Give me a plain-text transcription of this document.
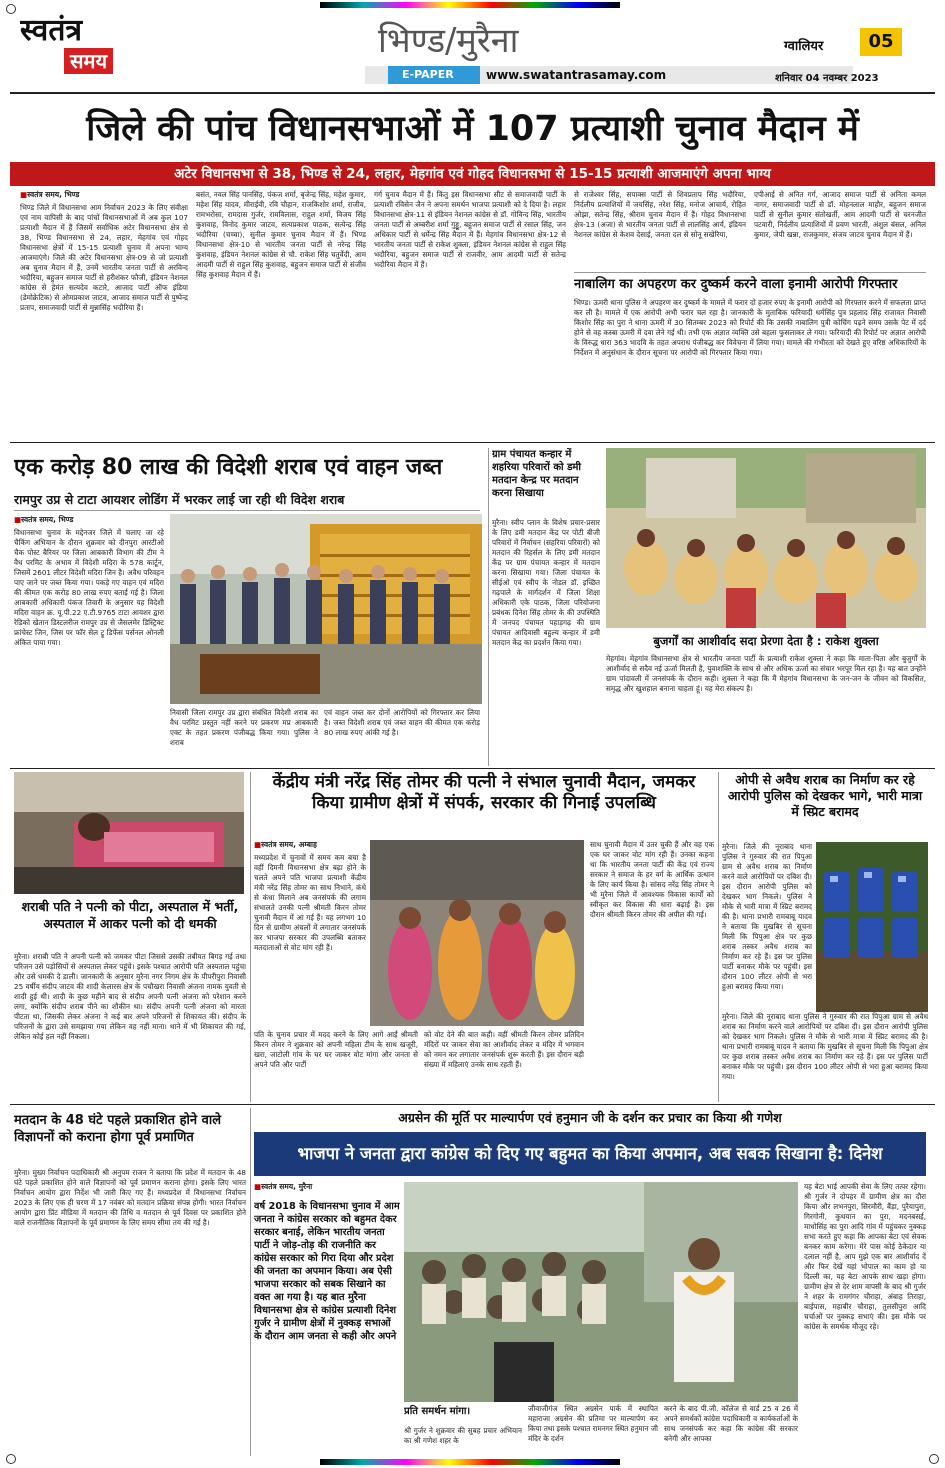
स्वतंत्र
समय	भिण्ड/मुरैना
E-PAPER	www.swatantrasamay.com
ग्वालियर	05
शनिवार 04 नवम्बर 2023
जिले की पांच विधानसभाओं में 107 प्रत्याशी चुनाव मैदान में
अटेर विधानसभा से 38, भिण्ड से 24, लहार, मेहगांव एवं गोहद विधानसभा से 15-15 प्रत्याशी आजमाएंगे अपना भाग्य
■ स्वतंत्र समय, भिण्ड

भिण्ड जिले में विधानसभा आम निर्वाचन 2023 के लिए संवीक्षा एवं नाम वापिसी के बाद पांचों विधानसभाओं में अब कुल 107 प्रत्याशी मैदान में हैं जिसमें सर्वाधिक अटेर विधानसभा क्षेत्र से 38, भिण्ड विधानसभा से 24, लहार, मेहगांव एवं गोहद विधानसभा क्षेत्रों में 15-15 प्रत्याशी चुनाव में अपना भाग्य आजमाएंगे। जिले की अटेर विधानसभा क्षेत्र-09 से जो प्रत्याशी अब चुनाव मैदान में हैं, उनमें भारतीय जनता पार्टी से अरविन्द भदौरिया, बहुजन समाज पार्टी से हरीशंकर फौजी, इंडियन नेशनल कांग्रेस से हेमंत सत्यदेव कटारे, आजाद पार्टी ऑफ इंडिया (डेमोक्रेटिक) से ओमप्रकाश जाटव, आजाद समाज पार्टी से पुष्पेन्द्र प्रताप, समाजवादी पार्टी से मुन्नासिंह भदौरिया हैं।

बसंत, नवल सिंह पानसिंह, पंकज शर्मा, बृजेन्द्र सिंह, महेश कुमार, महेश सिंह यादव, मीराईवी, रवि चौहान, राजकिशोर शर्मा, राजीव, रामभरोसा, रामदास गुर्जर, रामविलास, राहुल शर्मा, विजय सिंह कुशवाह, विनोद कुमार जाटव, सत्यप्रकाश पाठक, सत्येन्द्र सिंह भदौरिया (चच्चा), सुनील कुमार चुनाव मैदान में हैं। भिण्ड विधानसभा क्षेत्र-10 से भारतीय जनता पार्टी से नरेन्द्र सिंह कुशवाह, इंडियन नेशनल कांग्रेस से चौ. राकेश सिंह चतुर्वेदी, आम आदमी पार्टी से राहुल सिंह कुशवाह, बहुजन समाज पार्टी से संजीव सिंह कुशवाह मैदान में हैं।

गर्ग चुनाव मैदान में हैं। किंतु इस विधानसभा सीट से समाजवादी पार्टी के प्रत्याशी रविसेन जैन ने अपना समर्थन भाजपा प्रत्याशी को दे दिया है। लहार विधानसभा क्षेत्र-11 से इंडियन नेशनल कांग्रेस से डॉ. गोविन्द सिंह, भारतीय जनता पार्टी से अम्बरीश शर्मा गुड्डू, बहुजन समाज पार्टी से रसाल सिंह, जन अधिकार पार्टी से धर्मेन्द्र सिंह मैदान में हैं। मेहगांव विधानसभा क्षेत्र-12 से भारतीय जनता पार्टी से राकेश शुक्ला, इंडियन नेशनल कांग्रेस से राहुल सिंह भदौरिया, बहुजन समाज पार्टी से राजवीर, आम आदमी पार्टी से सतेन्द्र भदौरिया मैदान में हैं।

से राजेश्वर सिंह, सपाक्स पार्टी से शिवप्रताप सिंह भदौरिया, निर्दलीय प्रत्याशियों में जयसिंह, नरेश सिंह, मनोज आचार्य, रोहित ओझा, सतेन्द्र सिंह, श्रीराम चुनाव मैदान में हैं। गोहद विधानसभा क्षेत्र-13 (अजा) से भारतीय जनता पार्टी से लालसिंह आर्य, इंडियन नेशनल कांग्रेस से केशव देसाई, जनता दल से सोनू सखेरिया,

एपीआई से अनित गर्ग, आजाद समाज पार्टी से अनिता कमल नागर, समाजवादी पार्टी से डॉ. मोहनलाल माहौर, बहुजन समाज पार्टी से सुनील कुमार संतोखर्ती, आम आदमी पार्टी से चरनजीत पटवारी, निर्दलीय प्रत्याशियों में प्रवण भारती, अंशुल बंसल, अनिल कुमार, जेपी खन्ना, राजकुमार, संजय जाटव चुनाव मैदान में हैं।

नाबालिग का अपहरण कर दुष्कर्म करने वाला इनामी आरोपी गिरफ्तार

भिण्ड। ऊमरी थाना पुलिस ने अपहरण कर दुष्कर्म के मामले में फरार दो हजार रुपए के इनामी आरोपी को गिरफ्तार करने में सफलता प्राप्त कर ली है। मामले में एक आरोपी अभी फरार चल रहा है। जानकारी के मुताबिक फरियादी धर्मसिंह पुत्र प्रहलाद सिंह राजावत निवासी किशोर सिंह का पुरा ने थाना ऊमरी में 30 सितम्बर 2023 को रिपोर्ट की कि उसकी नाबालिग पुत्री कोचिंग पढ़ने समय उसके पेट में दर्द होने से वह कस्बा ऊमरी में दवा लेने गई थी। तभी एक अज्ञात व्यक्ति उसे बहला फुसलाकर ले गया। फरियादी की रिपोर्ट पर अज्ञात आरोपी के विरुद्ध धारा 363 भादवि के तहत अपराध पंजीबद्ध कर विवेचना में लिया गया। मामले की गंभीरता को देखते हुए वरिष्ठ अधिकारियों के निर्देशन में अनुसंधान के दौरान सूचना पर आरोपी को गिरफ्तार किया गया।

एक करोड़ 80 लाख की विदेशी शराब एवं वाहन जब्त
रामपुर उप्र से टाटा आयशर लोडिंग में भरकर लाई जा रही थी विदेश शराब
■ स्वतंत्र समय, भिण्ड

विधानसभा चुनाव के मद्देनजर जिले में चलाए जा रहे चैकिंग अभियान के दौरान शुक्रवार को दीनपुरा आरटीओ चैक पोस्ट बैरियर पर जिला आबकारी विभाग की टीम ने वैध परमिट के अभाव में विदेशी मदिरा के 578 कार्टून, जिसमें 2601 लीटर विदेशी मदिरा जिन है। अवैध परिवहन पाए जाने पर जब्त किया गया। पकड़े गए वाहन एवं मदिरा की कीमत एक करोड़ 80 लाख रुपए बताई गई है। जिला आबकारी अधिकारी पंकज तिवारी के अनुसार यह विदेशी मदिरा वाहन क्र. यू.पी.22 ए.टी.9765 टाटा आयशर द्वारा रेडिको खेतान डिस्टलरीज रामपुर उप्र से जैसलमेर डिस्ट्रिक्ट फ्रांचेस्ट जिन, जिस पर फॉर सेल ट्रू डिफेंस पर्सनल ओनली अंकित पाया गया।

निवासी जिला रामपुर उप्र द्वारा संबंधित विदेशी शराब का वैध परमिट प्रस्तुत नहीं करने पर प्रकरण मप्र आबकारी एक्ट के तहत प्रकरण पंजीबद्ध किया गया। पुलिस ने शराब

एवं वाहन जब्त कर दोनों आरोपियों को गिरफ्तार कर लिया है। जब्त विदेशी शराब एवं जब्त वाहन की कीमत एक करोड़ 80 लाख रुपए आंकी गई है।

ग्राम पंचायत कन्हार में शहरिया परिवारों को डमी मतदान केन्द्र पर मतदान करना सिखाया

मुरैना। स्वीप प्लान के विशेष प्रचार-प्रसार के लिए डमी मतदान केंद्र पर पोटी बीजी परिवारों में निर्वाचन (सहरिया परिवारों) को मतदान की रिहर्सल के लिए डमी मतदान केंद्र पर ग्राम पंचायत कन्हार में मतदान करना सिखाया गया। जिला पंचायत के सीईओ एवं स्वीप के नोडल डॉ. इच्छित गढ़पाले के मार्गदर्शन में जिला शिक्षा अधिकारी एके पाठक, जिला परियोजना प्रबंधक दिनेश सिंह तोमर के की उपस्थिति में जनपद पंचायत पहाड़गढ़ की ग्राम पंचायत आदिवासी बहुल्य कन्हार में डमी मतदान केंद्र का प्रदर्शन किया गया।	बुजर्गों का आशीर्वाद सदा प्रेरणा देता है : राकेश शुक्ला

मेहगांव। मेहगांव विधानसभा क्षेत्र से भारतीय जनता पार्टी के प्रत्याशी राकेश शुक्ला ने कहा कि माता-पिता और बुजुर्गों के आशीर्वाद से सदैव नई ऊर्जा मिलती है, युवाशक्ति के साथ से और अधिक ऊर्जा का संचार भरपूर मिल रहा है। यह बात उन्होंने ग्राम पांदावली में जनसंपर्क के दौरान कही। शुक्ला ने कहा कि मैं मेहगांव विधानसभा के जन-जन के जीवन को विकसित, समृद्ध और खुशहाल बनाना चाहता हूं। यह मेरा संकल्प है।

शराबी पति ने पत्नी को पीटा, अस्पताल में भर्ती, अस्पताल में आकर पत्नी को दी धमकी

मुरैना। शराबी पति ने अपनी पत्नी को जमकर पीटा जिससे उसकी तबीयत बिगड़ गई तथा परिजन उसे पड़ोसियों से अस्पताल लेकर पहुंचे। इसके पश्चात आरोपी पति अस्पताल पहुंचा और उसे धमकी दे डाली। जानकारी के अनुसार मुरैना नगर निगम क्षेत्र के पीपरीपुरा निवासी 25 वर्षीय संदीप जाटव की शादी केलारस क्षेत्र के पचौखरा निवासी अंजना नामक युवती से शादी हुई थी। शादी के कुछ महीने बाद से संदीप अपनी पत्नी अंजना को परेशान करने लगा, क्योंकि संदीप शराब पीने का शौकीन था। संदीप अपनी पत्नी अंजना को मारता पीटता था, जिसकी लेकर अंजना ने कई बार अपने परिजनों से शिकायत की। संदीप के परिजनों के द्वारा उसे समझाया गया लेकिन वह नहीं माना। थाने में भी शिकायत की गई, लेकिन कोई हल नहीं निकला।

केंद्रीय मंत्री नरेंद्र सिंह तोमर की पत्नी ने संभाल चुनावी मैदान, जमकर किया ग्रामीण क्षेत्रों में संपर्क, सरकार की गिनाई उपलब्धि
■ स्वतंत्र समय, अम्बाह

मध्यप्रदेश में चुनावों में समय कम बचा है वहीं दिमनी विधानसभा क्षेत्र बढ़ा होने के चलते अपने पति भाजपा प्रत्याशी केंद्रीय मंत्री नरेंद्र सिंह तोमर का साथ निभाने, कंधे से कंधा मिलाने अब जनसंपर्क की लगाम संभालते उनकी पत्नी श्रीमती किरन तोमर चुनावी मैदान में आ गई हैं। यह लगभग 10 दिन से ग्रामीण अंचलों में लगातार जनसंपर्क कर भाजपा सरकार की उपलब्धि बताकर मतदाताओं से वोट मांग रही हैं।

पति के चुनाव प्रचार में मदद करने के लिए आगे आईं श्रीमती किरन तोमर ने शुक्रवार को अपनी महिला टीम के साथ खजूरी, खरा, जाटोली गांव के घर घर जाकर वोट मांगा और जनता से अपने पति और पार्टी

को वोट देने की बात कही। वहीं श्रीमती किरन तोमर प्रतिदिन मंदिरों पर जाकर सेवा का आशीर्वाद लेकर व मंदिर में भगवान को नमन कर लगातार जनसंपर्क शुरू करती हैं। इस दौरान बड़ी संख्या में महिलाएं उनके साथ रहती हैं।

साथ चुनावी मैदान में उतर चुकी हैं और वह एक एक घर जाकर वोट मांग रही हैं। उनका कहना था कि भारतीय जनता पार्टी की केंद्र एवं राज्य सरकार ने समाज के हर वर्ग के आर्थिक उत्थान के लिए कार्य किया है। सांसद नरेंद्र सिंह तोमर ने भी मुरैना जिले में आवश्यक विकास कार्यों को स्वीकृत कर विकास की धारा बढ़ाई है। इस दौरान श्रीमती किरन तोमर की अपील की गई।

ओपी से अवैध शराब का निर्माण कर रहे आरोपी पुलिस को देखकर भागे, भारी मात्रा में स्प्रिट बरामद

मुरैना। जिले की नूराबाद थाना पुलिस ने गुरुवार की रात पिपुआ ग्राम से अवैध शराब का निर्माण करने वाले आरोपियों पर दबिश दी। इस दौरान आरोपी पुलिस को देखकर भाग निकले। पुलिस ने मौके से भारी मात्रा में स्प्रिट बरामद की है। थाना प्रभारी रामबाबू यादव ने बताया कि मुखबिर से सूचना मिली कि पिपुआ क्षेत्र पर कुछ शराब तस्कर अवैध शराब का निर्माण कर रहे हैं। इस पर पुलिस पार्टी बनाकर मौके पर पहुंची। इस दौरान 100 लीटर ओपी से भरा हुआ बरामद किया गया।

मुरैना। जिले की नूराबाद थाना पुलिस ने गुरुवार की रात पिपुआ ग्राम से अवैध शराब का निर्माण करने वाले आरोपियों पर दबिश दी। इस दौरान आरोपी पुलिस को देखकर भाग निकले। पुलिस ने मौके से भारी मात्रा में स्प्रिट बरामद की है। थाना प्रभारी रामबाबू यादव ने बताया कि मुखबिर से सूचना मिली कि पिपुआ क्षेत्र पर कुछ शराब तस्कर अवैध शराब का निर्माण कर रहे हैं। इस पर पुलिस पार्टी बनाकर मौके पर पहुंची। इस दौरान 100 लीटर ओपी से भरा हुआ बरामद किया गया।

मतदान के 48 घंटे पहले प्रकाशित होने वाले विज्ञापनों को कराना होगा पूर्व प्रमाणित

मुरैना। मुख्य निर्वाचन पदाधिकारी श्री अनुपम राजन ने बताया कि प्रदेश में मतदान के 48 घंटे पहले प्रकाशित होने वाले विज्ञापनों को पूर्व प्रमाणन कराना होगा। इसके लिए भारत निर्वाचन आयोग द्वारा निर्देश भी जारी किए गए हैं। मध्यप्रदेश में विधानसभा निर्वाचन 2023 के लिए एक ही चरण में 17 नवंबर को मतदान प्रक्रिया संपन्न होगी। भारत निर्वाचन आयोग द्वारा प्रिंट मीडिया में मतदान की तिथि व मतदान से पूर्व दिवस पर प्रकाशित होने वाले राजनीतिक विज्ञापनों के पूर्व प्रमाणन के लिए समय सीमा तय की गई है।

अग्रसेन की मूर्ति पर माल्यार्पण एवं हनुमान जी के दर्शन कर प्रचार का किया श्री गणेश
भाजपा ने जनता द्वारा कांग्रेस को दिए गए बहुमत का किया अपमान, अब सबक सिखाना है: दिनेश
■ स्वतंत्र समय, मुरैना
वर्ष 2018 के विधानसभा चुनाव में आम जनता ने कांग्रेस सरकार को बहुमत देकर सरकार बनाई, लेकिन भारतीय जनता पार्टी ने जोड़-तोड़ की राजनीति कर कांग्रेस सरकार को गिरा दिया और प्रदेश की जनता का अपमान किया। अब ऐसी भाजपा सरकार को सबक सिखाने का वक्त आ गया है। यह बात मुरैना विधानसभा क्षेत्र से कांग्रेस प्रत्याशी दिनेश गुर्जर ने ग्रामीण क्षेत्रों में नुक्कड़ सभाओं के दौरान आम जनता से कही और अपने
प्रति समर्थन मांगा।

श्री गुर्जर ने शुक्रवार की सुबह प्रचार अभियान का श्री गणेश शहर के

जीवाजीगंज स्थित अग्रसेन पार्क में स्थापित महाराजा अग्रसेन की प्रतिमा पर माल्यार्पण कर किया तथा इसके पश्चात रामनगर स्थित हनुमान जी मंदिर के दर्शन

करने के बाद पी.जी. कॉलेज से वार्ड 25 व 26 में अपने समर्थकों कांग्रेस पदाधिकारी व कार्यकर्ताओं के साथ जनसंपर्क कर कहा कि कांग्रेस की सरकार बनेगी और आपका

यह बेटा भाई आपकी सेवा के लिए तत्पर रहेगा। श्री गुर्जर ने दोपहर में ग्रामीण क्षेत्र का दौरा किया और लभनपुरा, सिरमौरी, बैंड़ा, पुरैयापुरा, गिरगोनी, कुथयान का पुरा, मदनबसई, माधोसिंह का पुरा आदि गांव में पहुंचकर नुक्कड़ सभा करते हुए कहा कि आपका बेटा एवं सेवक बनकर काम करेगा। मेरे पास कोई ठेकेदार या दलाल नहीं है, आप मुझे एक बार आशीर्वाद दें और फिर देखें यहां भोपाल का काम हो या दिल्ली का, यह बेटा आपके साथ खड़ा होगा। ग्रामीण क्षेत्र से देर शाम वापसी के बाद श्री गुर्जर ने शहर के रामगंगर चौराहा, अंबाह तिराहा, बाईपास, महाबीर चौराहा, तुलसीपुरा आदि चर्चाओं पर नुक्कड़ सभाएं की। इस मौके पर कांग्रेस के समर्थक मौजूद रहे।
